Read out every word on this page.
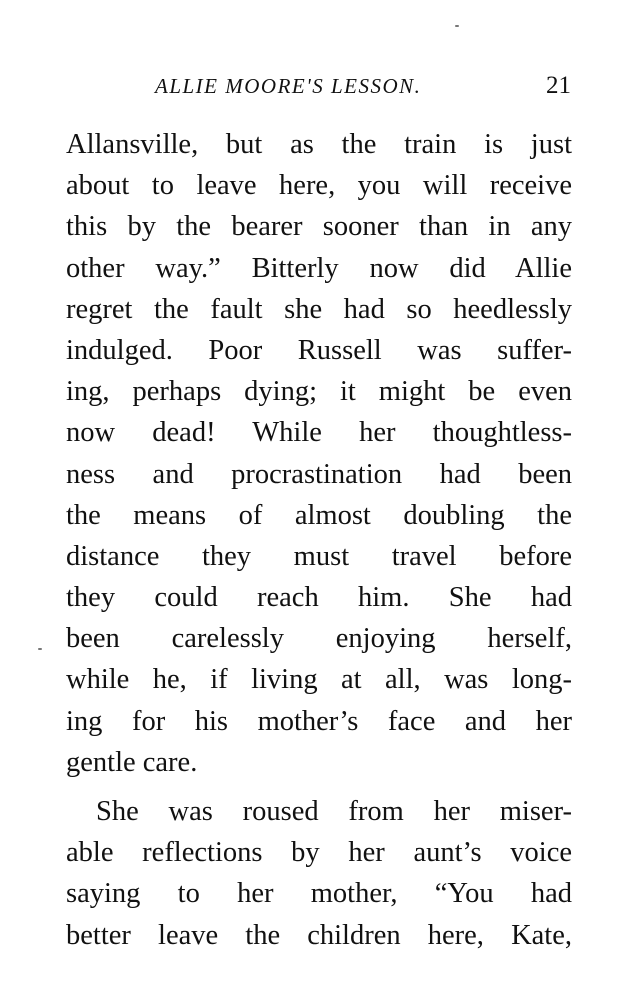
ALLIE MOORE'S LESSON.	21
Allansville, but as the train is just
about to leave here, you will receive
this by the bearer sooner than in any
other way.” Bitterly now did Allie
regret the fault she had so heedlessly
indulged. Poor Russell was suffer-
ing, perhaps dying; it might be even
now dead! While her thoughtless-
ness and procrastination had been
the means of almost doubling the
distance they must travel before
they could reach him. She had
been carelessly enjoying herself,
while he, if living at all, was long-
ing for his mother’s face and her
gentle care.
She was roused from her miser-
able reflections by her aunt’s voice
saying to her mother, “You had
better leave the children here, Kate,
